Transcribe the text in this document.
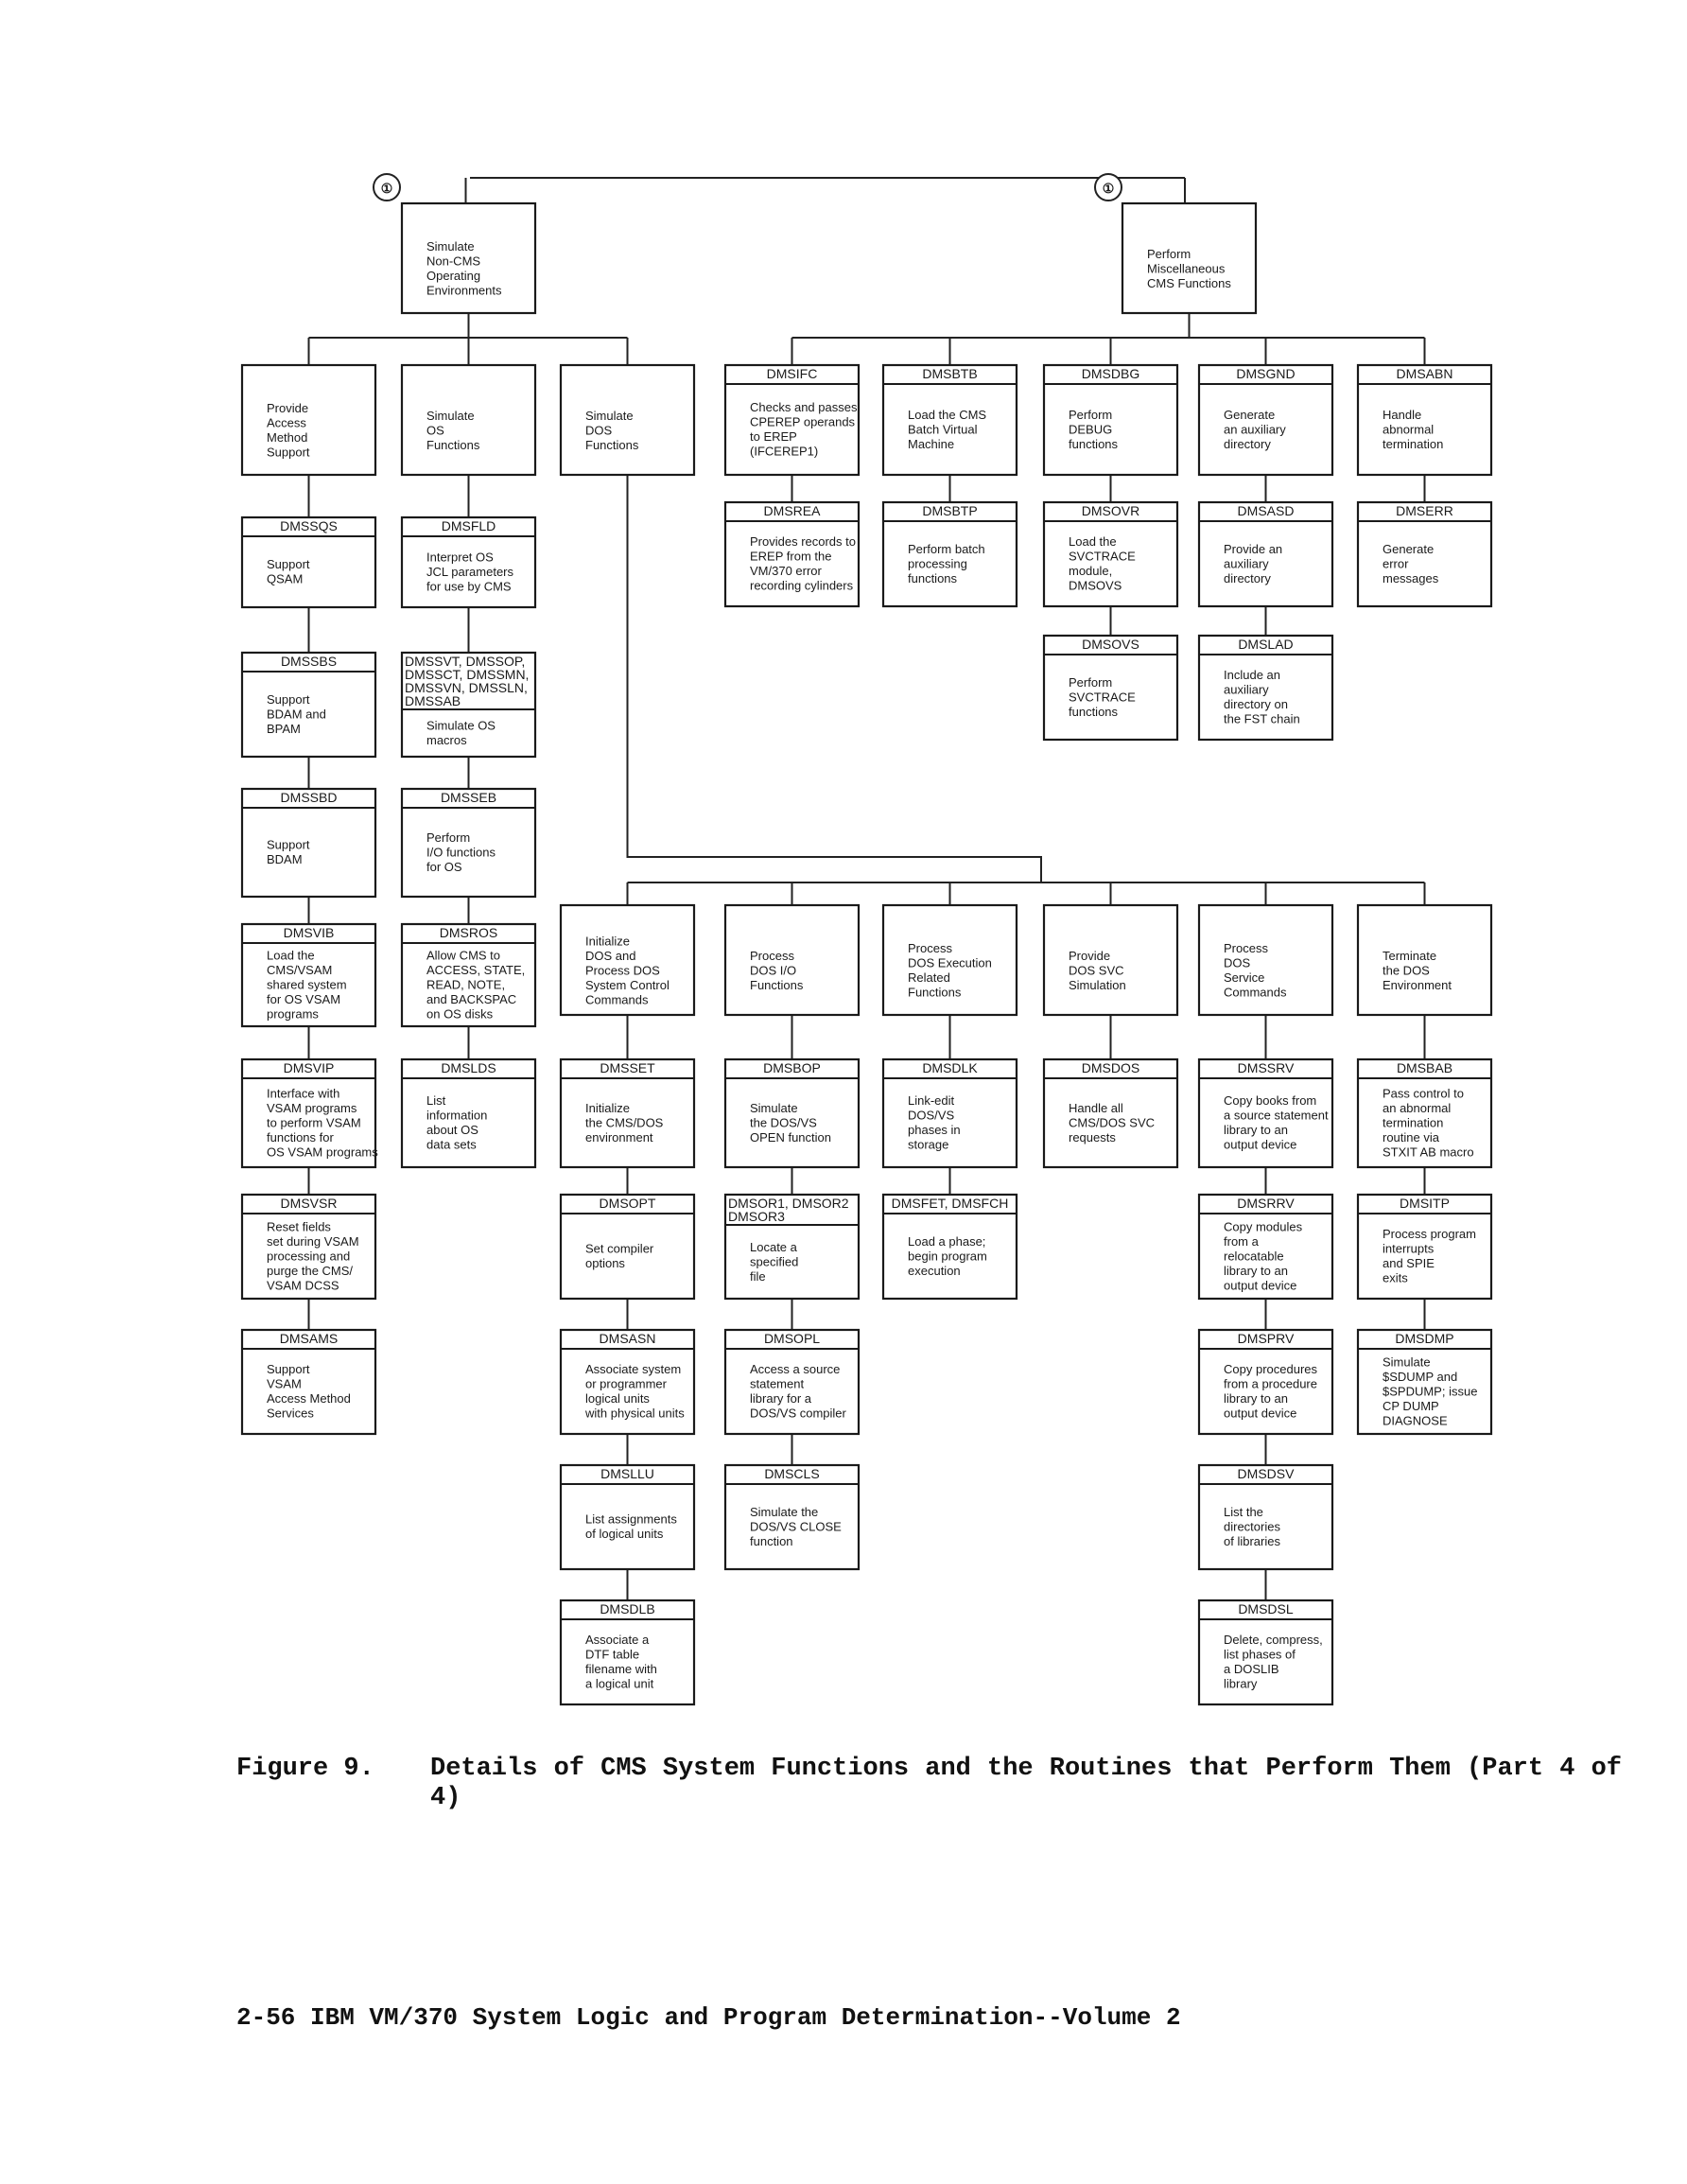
①	①
Simulate Non-CMS Operating Environments
Perform Miscellaneous CMS Functions
Provide Access Method Support
Simulate OS Functions
Simulate DOS Functions
DMSIFC
Checks and passes CPEREP operands to EREP (IFCEREP1)
DMSBTB
Load the CMS Batch Virtual Machine
DMSDBG
Perform DEBUG functions
DMSGND
Generate an auxiliary directory
DMSABN
Handle abnormal termination
DMSREA
Provides records to EREP from the VM/370 error recording cylinders
DMSBTP
Perform batch processing functions
DMSOVR
Load the SVCTRACE module, DMSOVS
DMSASD
Provide an auxiliary directory
DMSERR
Generate error messages
DMSOVS
Perform SVCTRACE functions
DMSLAD
Include an auxiliary directory on the FST chain
DMSSQS
Support QSAM
DMSSBS
Support BDAM and BPAM
DMSSBD
Support BDAM
DMSVIB
Load the CMS/VSAM shared system for OS VSAM programs
DMSVIP
Interface with VSAM programs to perform VSAM functions for OS VSAM programs
DMSVSR
Reset fields set during VSAM processing and purge the CMS/ VSAM DCSS
DMSAMS
Support VSAM Access Method Services
DMSFLD
Interpret OS JCL parameters for use by CMS
DMSSVT, DMSSOP, DMSSCT, DMSSMN, DMSSVN, DMSSLN, DMSSAB
Simulate OS macros
DMSSEB
Perform I/O functions for OS
DMSROS
Allow CMS to ACCESS, STATE, READ, NOTE, and BACKSPAC on OS disks
DMSLDS
List information about OS data sets
Initialize DOS and Process DOS System Control Commands
Process DOS I/O Functions
Process DOS Execution Related Functions
Provide DOS SVC Simulation
Process DOS Service Commands
Terminate the DOS Environment
DMSSET
Initialize the CMS/DOS environment
DMSBOP
Simulate the DOS/VS OPEN function
DMSDLK
Link-edit DOS/VS phases in storage
DMSDOS
Handle all CMS/DOS SVC requests
DMSSRV
Copy books from a source statement library to an output device
DMSBAB
Pass control to an abnormal termination routine via STXIT AB macro
DMSOPT
Set compiler options
DMSOR1, DMSOR2 DMSOR3
Locate a specified file
DMSFET, DMSFCH
Load a phase; begin program execution
DMSRRV
Copy modules from a relocatable library to an output device
DMSITP
Process program interrupts and SPIE exits
DMSASN
Associate system or programmer logical units with physical units
DMSOPL
Access a source statement library for a DOS/VS compiler
DMSPRV
Copy procedures from a procedure library to an output device
DMSDMP
Simulate $SDUMP and $SPDUMP; issue CP DUMP DIAGNOSE
DMSLLU
List assignments of logical units
DMSCLS
Simulate the DOS/VS CLOSE function
DMSDSV
List the directories of libraries
DMSDLB
Associate a DTF table filename with a logical unit
DMSDSL
Delete, compress, list phases of a DOSLIB library
Figure 9. Details of CMS System Functions and the Routines that Perform Them (Part 4 of 4)
2-56 IBM VM/370 System Logic and Program Determination--Volume 2
